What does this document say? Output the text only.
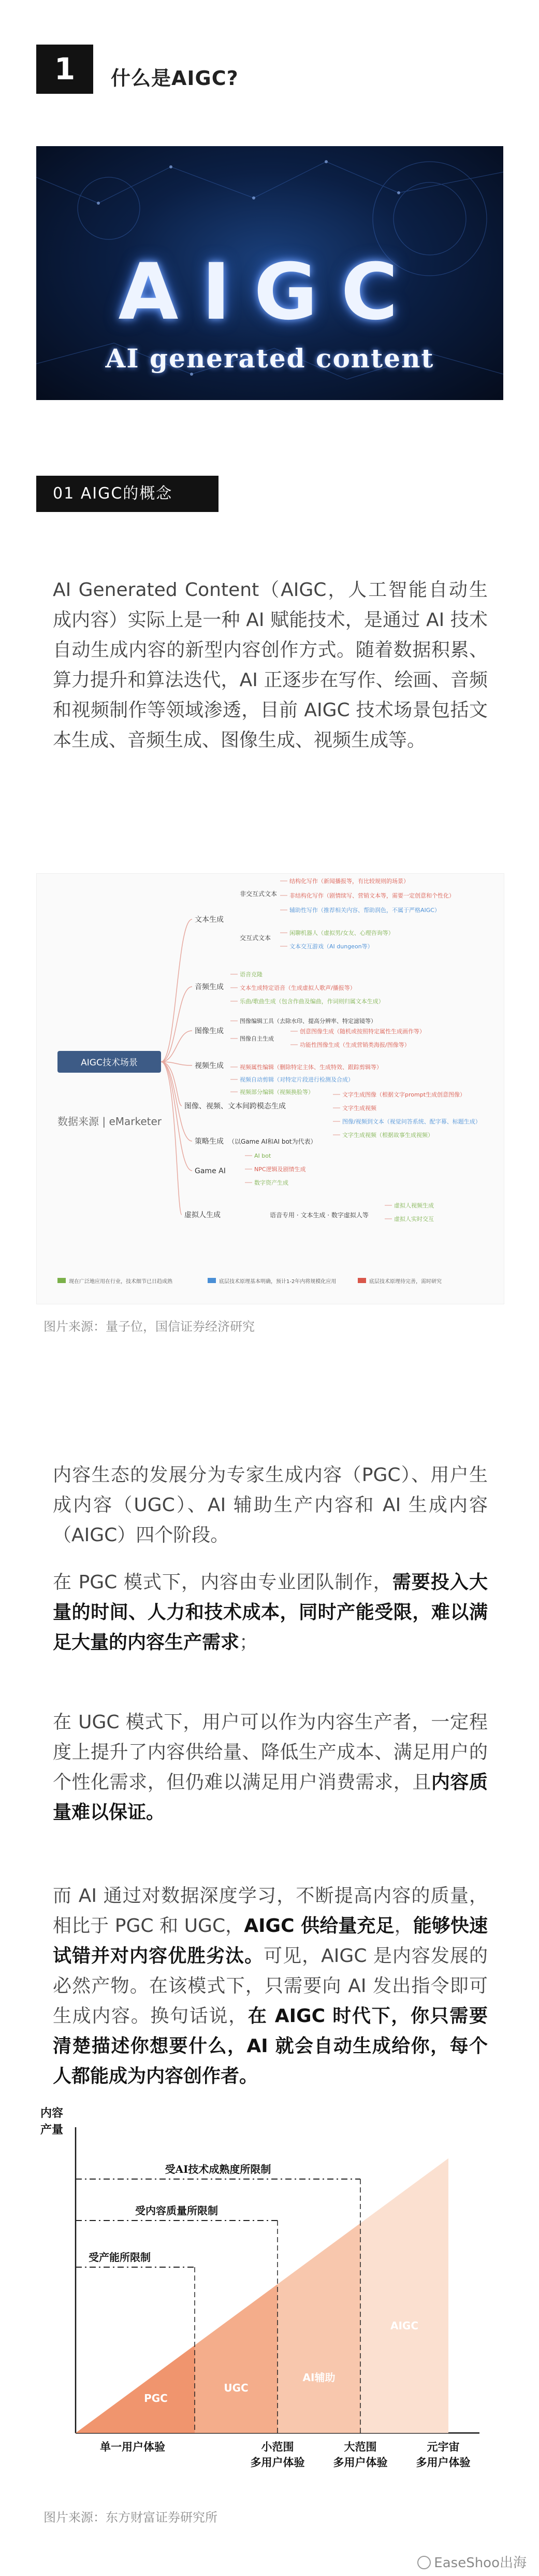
1	什么是AIGC?
AIGC
AI generated content
01 AIGC的概念
AI Generated Content（AIGC，人工智能自动生成内容）实际上是一种 AI 赋能技术，是通过 AI 技术自动生成内容的新型内容创作方式。随着数据积累、算力提升和算法迭代，AI 正逐步在写作、绘画、音频和视频制作等领域渗透，目前 AIGC 技术场景包括文本生成、音频生成、图像生成、视频生成等。
AIGC技术场景
数据来源 | eMarketer
文本生成
音频生成
图像生成
视频生成
图像、视频、文本间跨模态生成
策略生成
Game AI
虚拟人生成
非交互式文本
交互式文本
结构化写作（新闻播报等，有比较规则的场景）
非结构化写作（剧情续写、营销文本等，需要一定创意和个性化）
辅助性写作（推荐相关内容、帮助润色，不属于严格AIGC）
闲聊机器人（虚拟男/女友、心理咨询等）
文本交互游戏（AI dungeon等）
语音克隆
文本生成特定语音（生成虚拟人歌声/播报等）
乐曲/歌曲生成（包含作曲及编曲，作词则归属文本生成）
图像编辑工具（去除水印、提高分辨率、特定滤镜等）
图像自主生成
创意图像生成（随机或按照特定属性生成画作等）
功能性图像生成（生成营销类海报/图像等）
视频属性编辑（删除特定主体、生成特效、跟踪剪辑等）
视频自动剪辑（对特定片段进行检测及合成）
视频部分编辑（视频换脸等）	文字生成图像（根据文字prompt生成创意图像）
文字生成视频
图像/视频到文本（视觉问答系统、配字幕、标题生成）
文字生成视频（根据故事生成视频）
（以Game AI和AI bot为代表）
AI bot
NPC逻辑及剧情生成
数字资产生成
语音专用 · 文本生成 · 数字虚拟人等
虚拟人视频生成
虚拟人实时交互
现在广泛地应用在行业，技术细节已日趋成熟	底层技术原理基本明确，预计1-2年内将规模化应用	底层技术原理待完善，需时研究
图片来源：量子位，国信证券经济研究
内容生态的发展分为专家生成内容（PGC）、用户生成内容（UGC）、AI 辅助生产内容和 AI 生成内容（AIGC）四个阶段。
在 PGC 模式下，内容由专业团队制作，需要投入大量的时间、人力和技术成本，同时产能受限，难以满足大量的内容生产需求；
在 UGC 模式下，用户可以作为内容生产者，一定程度上提升了内容供给量、降低生产成本、满足用户的个性化需求，但仍难以满足用户消费需求，且内容质量难以保证。
而 AI 通过对数据深度学习，不断提高内容的质量，相比于 PGC 和 UGC，AIGC 供给量充足，能够快速试错并对内容优胜劣汰。可见，AIGC 是内容发展的必然产物。在该模式下，只需要向 AI 发出指令即可生成内容。换句话说，在 AIGC 时代下，你只需要清楚描述你想要什么，AI 就会自动生成给你，每个人都能成为内容创作者。
内容
产量
PGC
UGC
AI辅助
AIGC
受AI技术成熟度所限制
受内容质量所限制
受产能所限制
单一用户体验	小范围
多用户体验
大范围
多用户体验
元宇宙
多用户体验
图片来源：东方财富证券研究所
EaseShoo出海
